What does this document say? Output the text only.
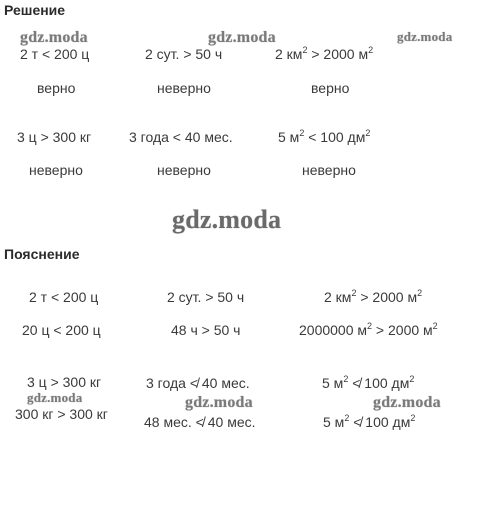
Решение
gdz.moda	gdz.moda	gdz.moda
2 т < 200 ц	2 сут. > 50 ч	2 $км^2 > 2000$ $м^2$
верно	неверно	верно
3 ц > 300 кг	3 года < 40 мес.	5 $м^2 < 100$ $дм^2$
неверно	неверно	неверно
gdz.moda
Пояснение
2 т < 200 ц	2 сут. > 50 ч	2 $км^2 > 2000$ $м^2$
20 ц < 200 ц	48 ч > 50 ч	2000000 $м^2 > 2000$ $м^2$
3 ц > 300 кг	3 года ≮ 40 мес.	5 $м^2$ ≮ 100 $дм^2$
gdz.moda	gdz.moda	gdz.moda
300 кг > 300 кг	48 мес. ≮ 40 мес.	5 $м^2$ ≮ 100 $дм^2$
